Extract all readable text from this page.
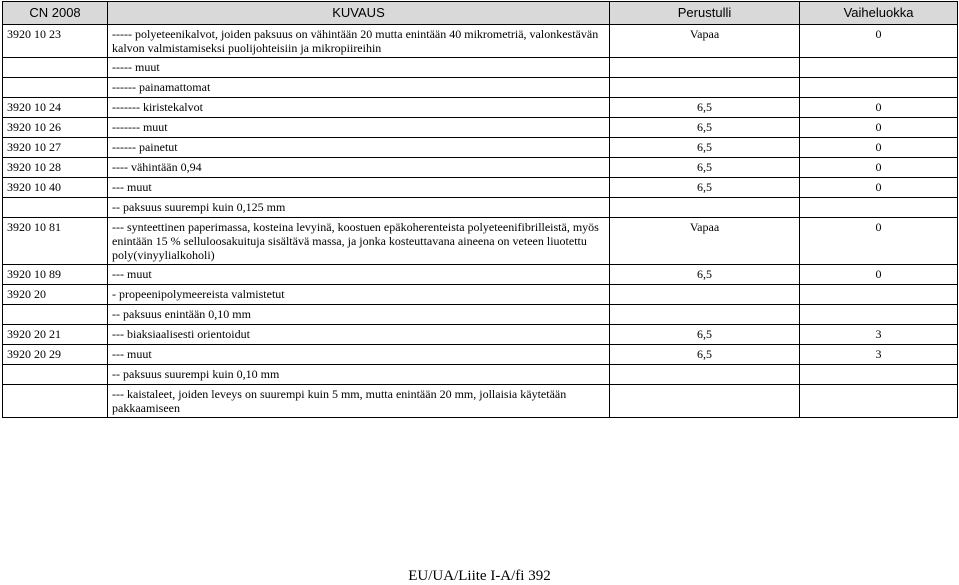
CN 2008	KUVAUS	Perustulli	Vaiheluokka
3920 10 23	----- polyeteenikalvot, joiden paksuus on vähintään 20 mutta enintään 40 mikrometriä, valonkestävän kalvon valmistamiseksi puolijohteisiin ja mikropiireihin	Vapaa	0
	----- muut		
	------ painamattomat		
3920 10 24	------- kiristekalvot	6,5	0
3920 10 26	------- muut	6,5	0
3920 10 27	------ painetut	6,5	0
3920 10 28	---- vähintään 0,94	6,5	0
3920 10 40	--- muut	6,5	0
	-- paksuus suurempi kuin 0,125 mm		
3920 10 81	--- synteettinen paperimassa, kosteina levyinä, koostuen epäkoherenteista polyeteenifibrilleistä, myös enintään 15 % selluloosakuituja sisältävä massa, ja jonka kosteuttavana aineena on veteen liuotettu poly(vinyylialkoholi)	Vapaa	0
3920 10 89	--- muut	6,5	0
3920 20	- propeenipolymeereista valmistetut		
	-- paksuus enintään 0,10 mm		
3920 20 21	--- biaksiaalisesti orientoidut	6,5	3
3920 20 29	--- muut	6,5	3
	-- paksuus suurempi kuin 0,10 mm		
	--- kaistaleet, joiden leveys on suurempi kuin 5 mm, mutta enintään 20 mm, jollaisia käytetään pakkaamiseen		
EU/UA/Liite I-A/fi 392
